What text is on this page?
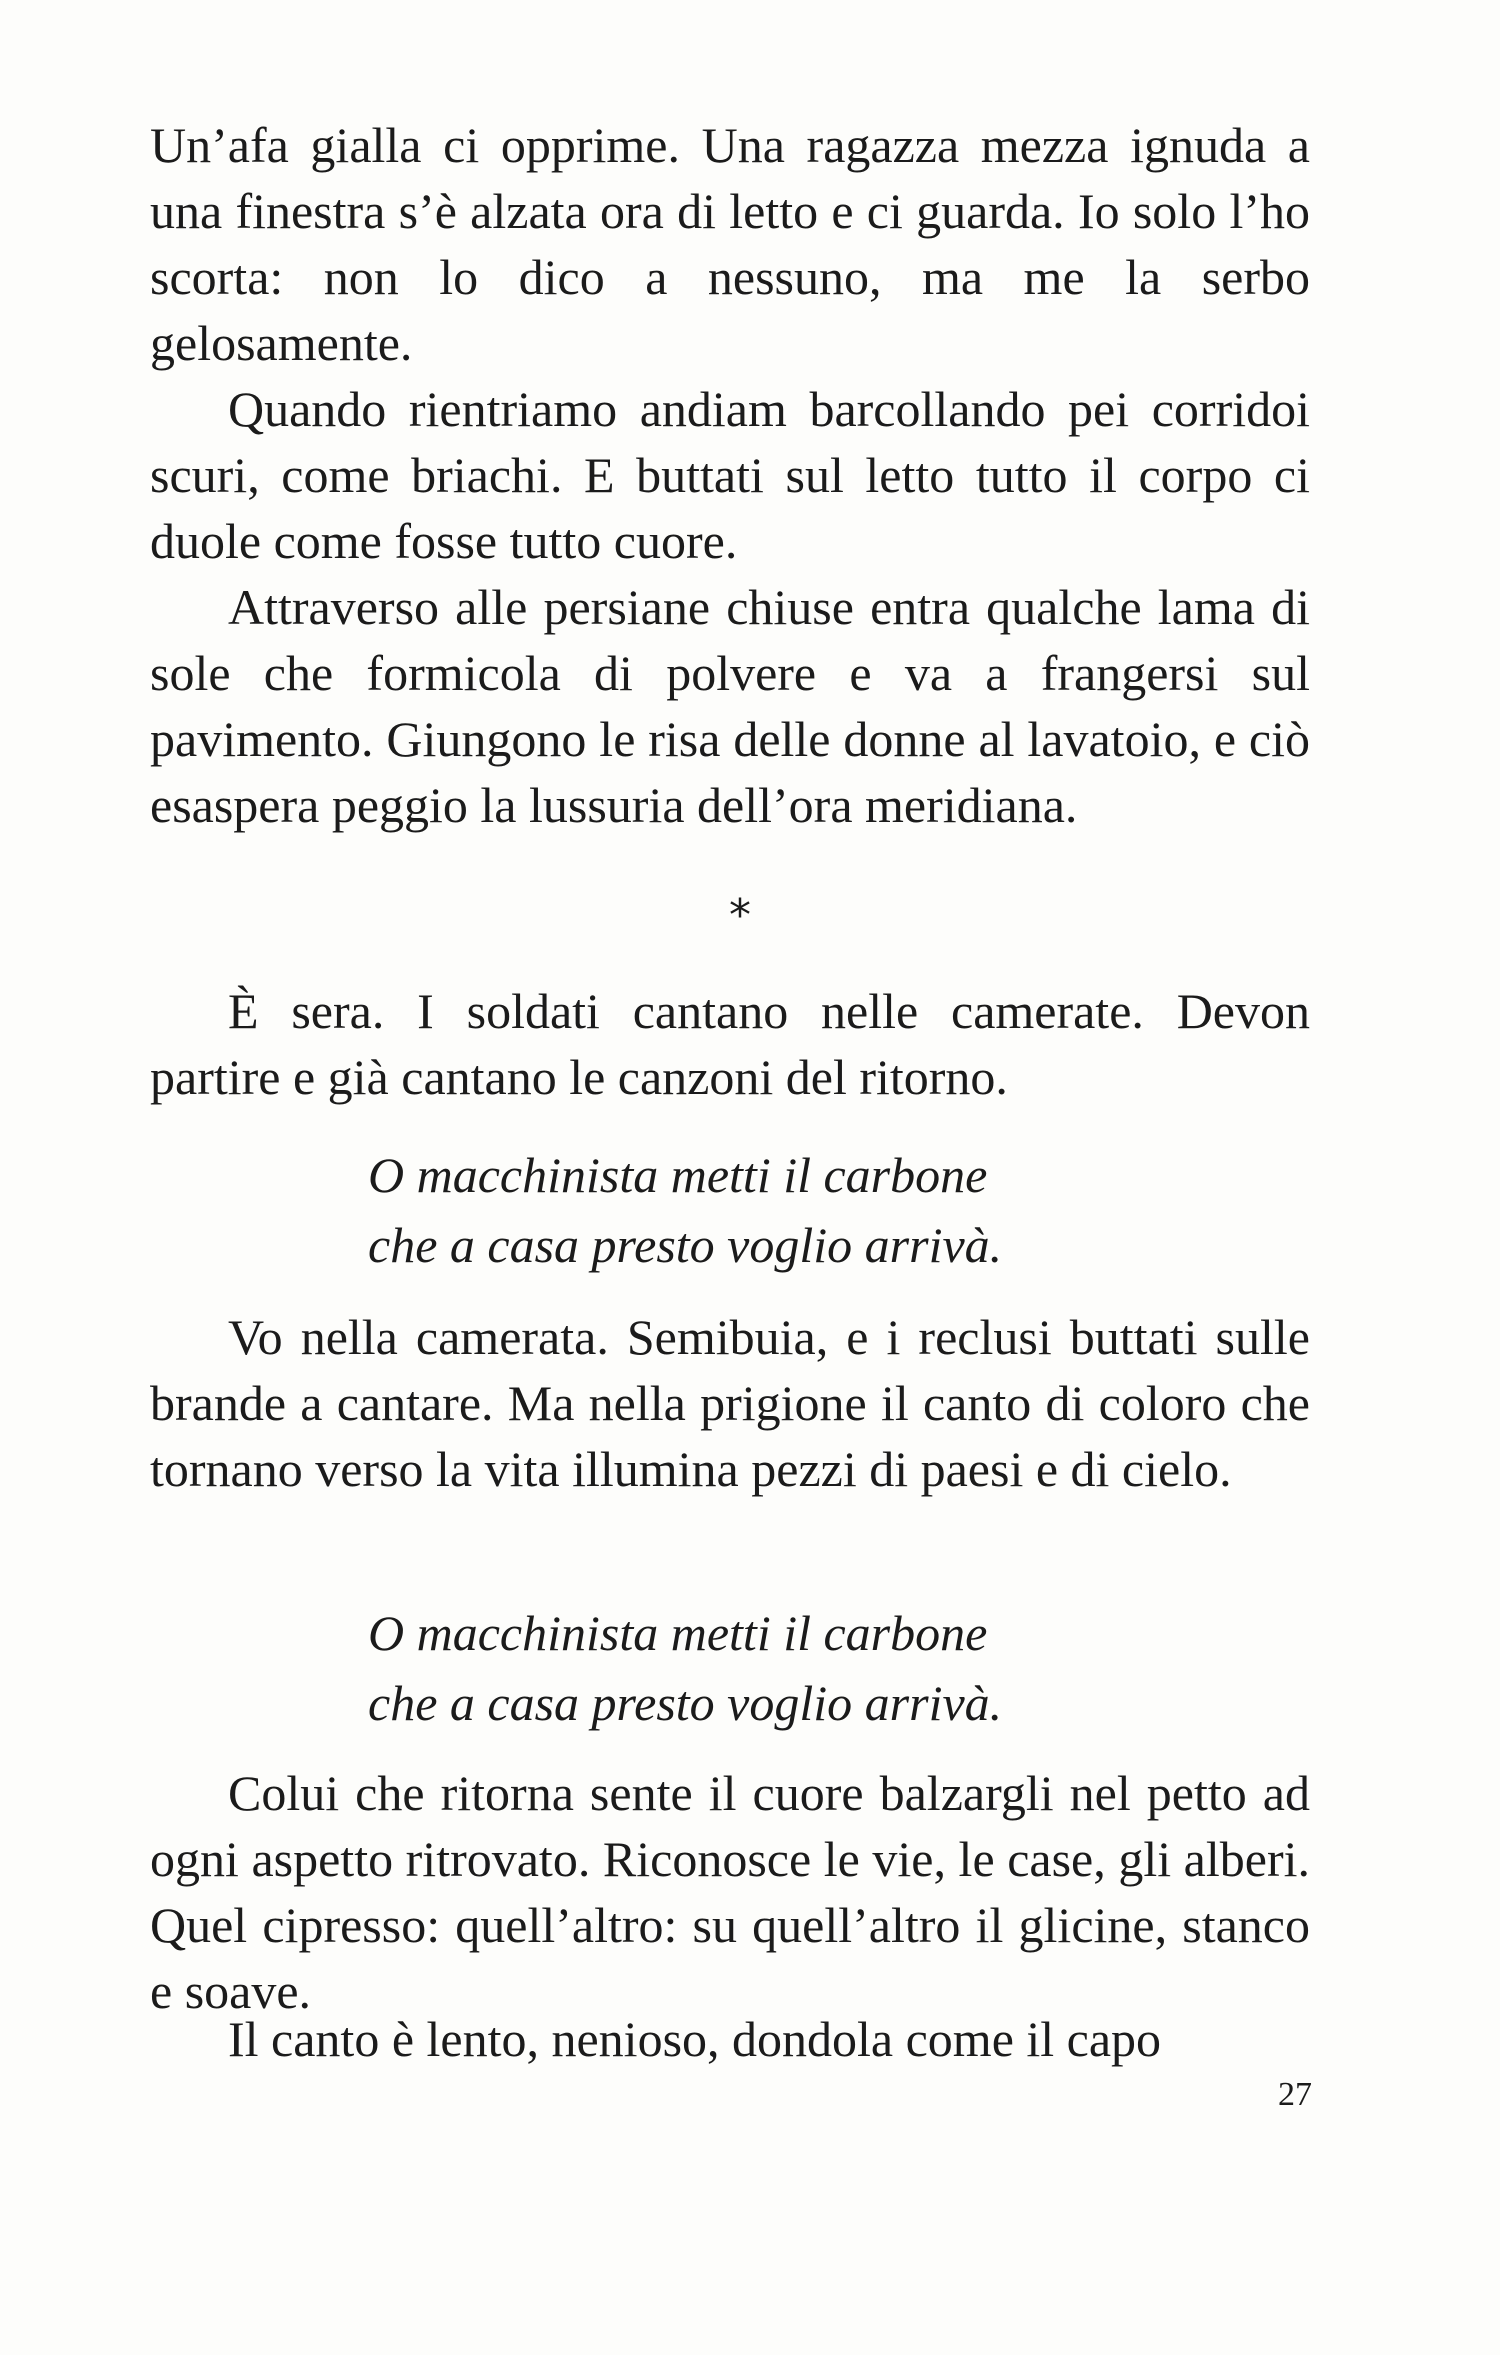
Un’afa gialla ci opprime. Una ragazza mezza ignuda a una finestra s’è alzata ora di letto e ci guarda. Io solo l’ho scorta: non lo dico a nessuno, ma me la serbo gelosamente.

Quando rientriamo andiam barcollando pei corridoi scuri, come briachi. E buttati sul letto tutto il corpo ci duole come fosse tutto cuore.

Attraverso alle persiane chiuse entra qualche lama di sole che formicola di polvere e va a frangersi sul pavimento. Giungono le risa delle donne al lavatoio, e ciò esaspera peggio la lussuria dell’ora meridiana.

*

È sera. I soldati cantano nelle camerate. Devon partire e già cantano le canzoni del ritorno.

O macchinista metti il carbone
che a casa presto voglio arrivà.

Vo nella camerata. Semibuia, e i reclusi buttati sulle brande a cantare. Ma nella prigione il canto di coloro che tornano verso la vita illumina pezzi di paesi e di cielo.

O macchinista metti il carbone
che a casa presto voglio arrivà.

Colui che ritorna sente il cuore balzargli nel petto ad ogni aspetto ritrovato. Riconosce le vie, le case, gli alberi. Quel cipresso: quell’altro: su quell’altro il glicine, stanco e soave.

Il canto è lento, nenioso, dondola come il capo

27
